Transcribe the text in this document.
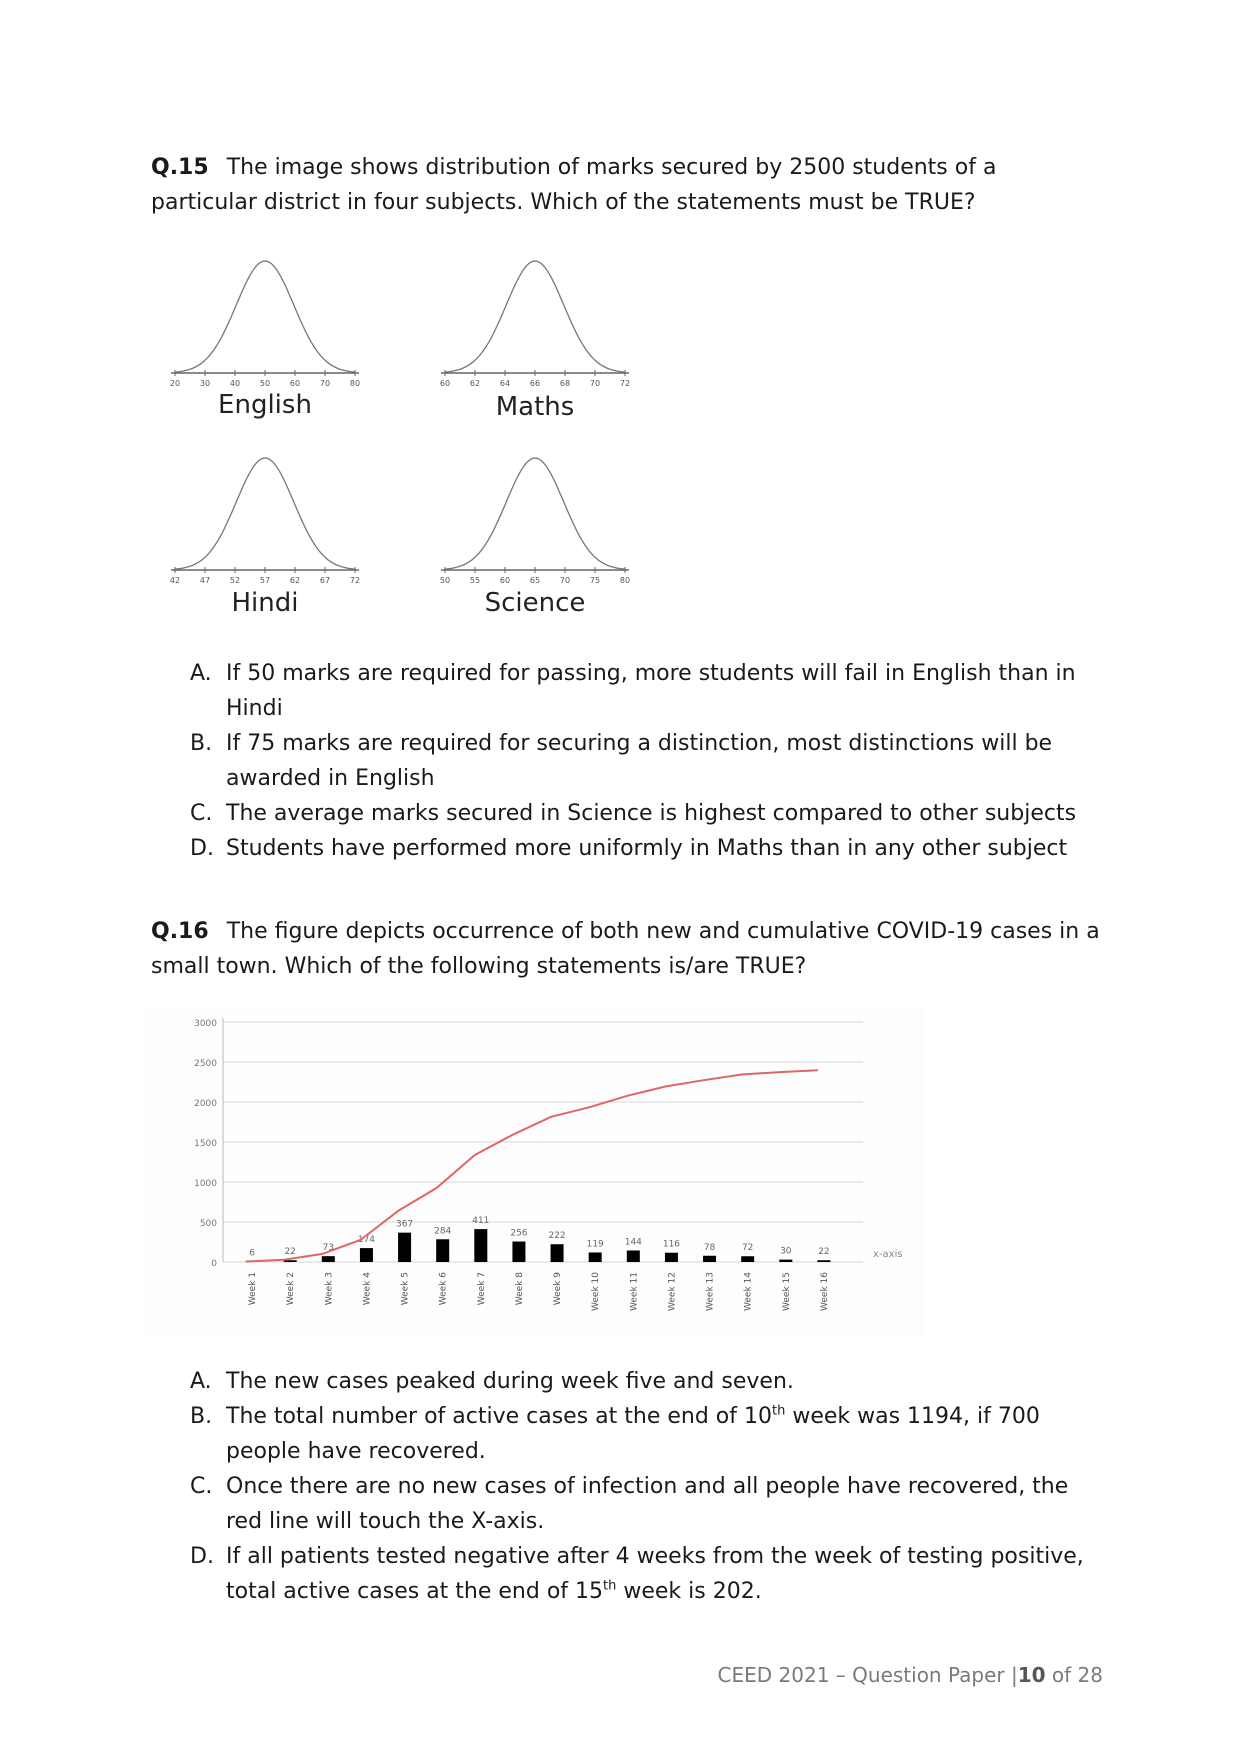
Q.15 The image shows distribution of marks secured by 2500 students of a particular district in four subjects. Which of the statements must be TRUE?

20 30 40 50 60 70 80
English
60 62 64 66 68 70 72
Maths
42 47 52 57 62 67 72
Hindi
50 55 60 65 70 75 80
Science
A. If 50 marks are required for passing, more students will fail in English than in Hindi
B. If 75 marks are required for securing a distinction, most distinctions will be awarded in English
C. The average marks secured in Science is highest compared to other subjects
D. Students have performed more uniformly in Maths than in any other subject

Q.16 The figure depicts occurrence of both new and cumulative COVID-19 cases in a small town. Which of the following statements is/are TRUE?

0
500
1000
1500
2000
2500
3000
6	22	73
174
367
284
411
256 222
119 144 116	78	72	30	22
Week 1	Week 2	Week 3	Week 4	Week 5	Week 6	Week 7	Week 8	Week 9	Week 10	Week 11	Week 12	Week 13	Week 14	Week 15	Week 16
x-axis
A. The new cases peaked during week five and seven.
B. The total number of active cases at the end of 10th week was 1194, if 700 people have recovered.
C. Once there are no new cases of infection and all people have recovered, the red line will touch the X-axis.
D. If all patients tested negative after 4 weeks from the week of testing positive, total active cases at the end of 15th week is 202.
CEED 2021 – Question Paper |10 of 28
